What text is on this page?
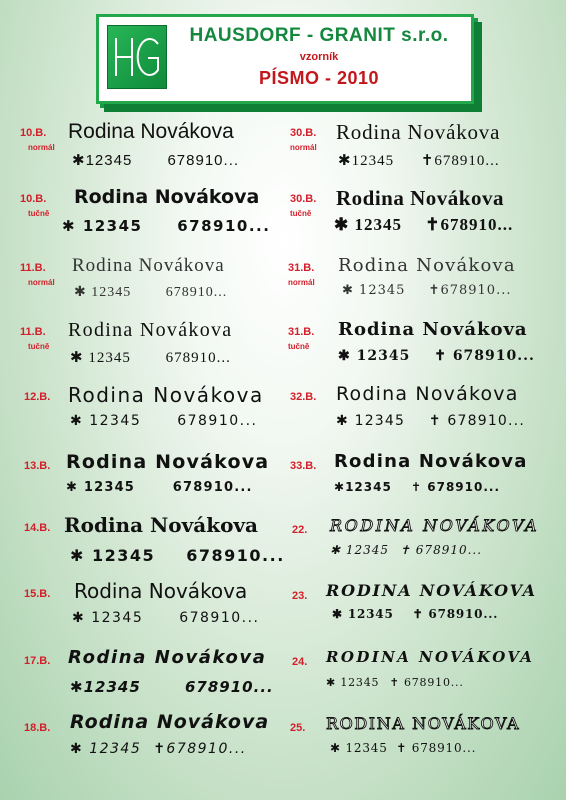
HAUSDORF - GRANIT s.r.o.
vzorník
PÍSMO - 2010
10.B.
normál
Rodina Novákova
✱12345 678910...
10.B.
tučně
Rodina Novákova
✱ 12345 678910...
11.B.
normál
Rodina Novákova
✱ 12345 678910...
11.B.
tučně
Rodina Novákova
✱ 12345 678910...
12.B. Rodina Novákova
✱ 12345	678910...
13.B. Rodina Novákova
✱ 12345	678910...
14.B. Rodina Novákova
✱ 12345 678910...
15.B. Rodina Novákova
✱ 12345	678910...
17.B. Rodina Novákova
✱12345	678910...
18.B. Rodina Novákova
✱ 12345 ✝678910...
30.B.
normál
Rodina Novákova
✱12345 ✝678910...
30.B.
tučně
Rodina Novákova
✱ 12345 ✝678910...
31.B.
normál
Rodina Novákova
✱ 12345 ✝678910...
31.B.
tučně
Rodina Novákova
✱ 12345 ✝ 678910...
32.B. Rodina Novákova
✱ 12345 ✝ 678910...
33.B. Rodina Novákova
✱12345 ✝ 678910...
22. RODINA NOVÁKOVA
✱ 12345 ✝ 678910...
23. RODINA NOVÁKOVA
✱ 12345 ✝ 678910...
24. RODINA NOVÁKOVA
✱ 12345 ✝ 678910...
25. RODINA NOVÁKOVA
✱ 12345 ✝ 678910...
